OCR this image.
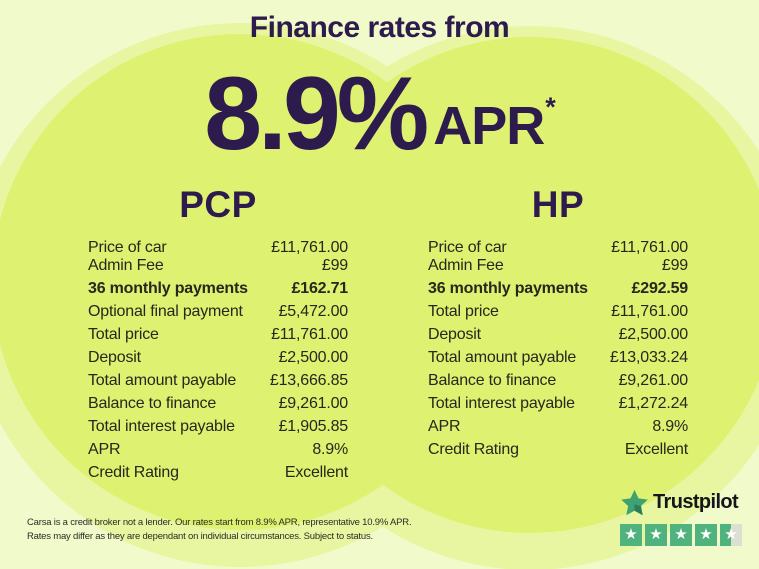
Finance rates from
8.9% APR*
PCP
Price of car	£11,761.00
Admin Fee	£99
36 monthly payments	£162.71
Optional final payment £5,472.00
Total price	£11,761.00
Deposit	£2,500.00
Total amount payable £13,666.85
Balance to finance	£9,261.00
Total interest payable	£1,905.85
APR	8.9%
Credit Rating	Excellent
HP
Price of car	£11,761.00
Admin Fee	£99
36 monthly payments	£292.59
Total price	£11,761.00
Deposit	£2,500.00
Total amount payable £13,033.24
Balance to finance	£9,261.00
Total interest payable	£1,272.24
APR	8.9%
Credit Rating	Excellent
Carsa is a credit broker not a lender. Our rates start from 8.9% APR, representative 10.9% APR.
Rates may differ as they are dependant on individual circumstances. Subject to status.
Trustpilot
★ ★ ★ ★ ★
